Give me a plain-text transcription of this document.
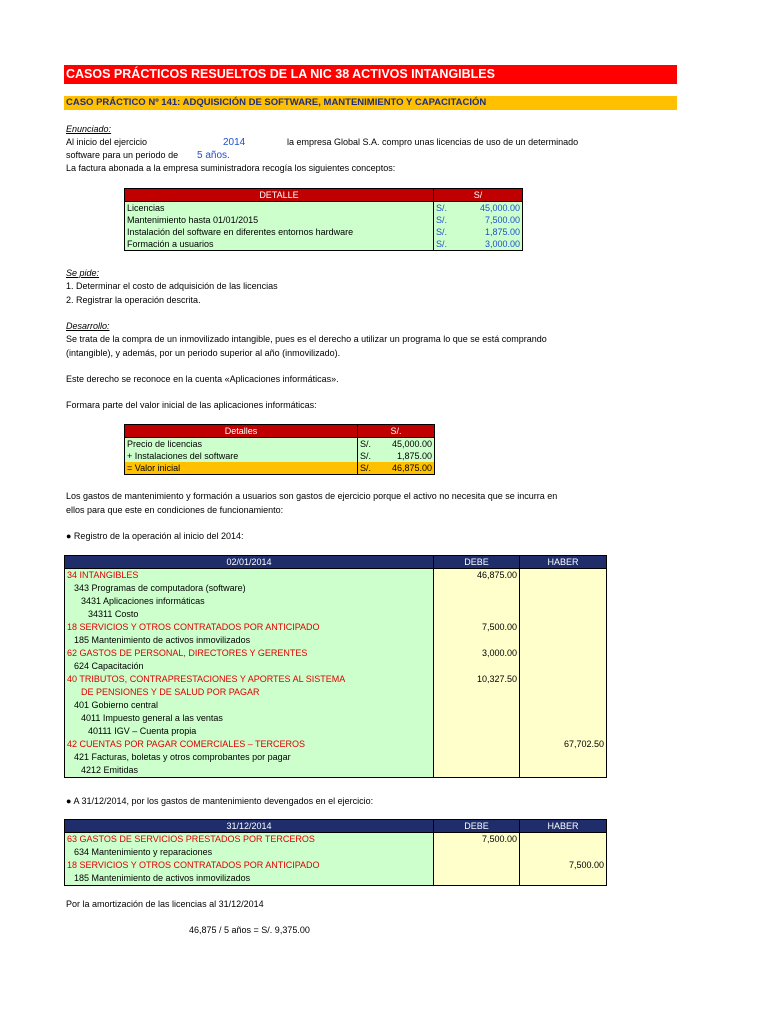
CASOS PRÁCTICOS RESUELTOS DE LA NIC 38 ACTIVOS INTANGIBLES
CASO PRÁCTICO Nº 141: ADQUISICIÓN DE SOFTWARE, MANTENIMIENTO Y CAPACITACIÓN
Enunciado:
Al inicio del ejercicio	2014	la empresa Global S.A. compro unas licencias de uso de un determinado
software para un periodo de 5 años.
La factura abonada a la empresa suministradora recogía los siguientes conceptos:
DETALLE	S/	
Licencias	S/.	45,000.00
Mantenimiento hasta 01/01/2015	S/.	7,500.00
Instalación del software en diferentes entornos hardware	S/.	1,875.00
Formación a usuarios	S/.	3,000.00
Se pide:
1. Determinar el costo de adquisición de las licencias
2. Registrar la operación descrita.
Desarrollo:
Se trata de la compra de un inmovilizado intangible, pues es el derecho a utilizar un programa lo que se está comprando
(intangible), y además, por un periodo superior al año (inmovilizado).
Este derecho se reconoce en la cuenta «Aplicaciones informáticas».
Formara parte del valor inicial de las aplicaciones informáticas:
Detalles	S/.	
Precio de licencias	S/.	45,000.00
+ Instalaciones del software	S/.	1,875.00
= Valor inicial	S/.	46,875.00
Los gastos de mantenimiento y formación a usuarios son gastos de ejercicio porque el activo no necesita que se incurra en
ellos para que este en condiciones de funcionamiento:
● Registro de la operación al inicio del 2014:
02/01/2014	DEBE	HABER
34 INTANGIBLES	46,875.00	
343 Programas de computadora (software)		
3431 Aplicaciones informáticas		
34311 Costo		
18 SERVICIOS Y OTROS CONTRATADOS POR ANTICIPADO	7,500.00	
185 Mantenimiento de activos inmovilizados		
62 GASTOS DE PERSONAL, DIRECTORES Y GERENTES	3,000.00	
624 Capacitación		
40 TRIBUTOS, CONTRAPRESTACIONES Y APORTES AL SISTEMA	10,327.50	
DE PENSIONES Y DE SALUD POR PAGAR		
401 Gobierno central		
4011 Impuesto general a las ventas		
40111 IGV – Cuenta propia		
42 CUENTAS POR PAGAR COMERCIALES – TERCEROS		67,702.50
421 Facturas, boletas y otros comprobantes por pagar		
4212 Emitidas		
● A 31/12/2014, por los gastos de mantenimiento devengados en el ejercicio:
31/12/2014	DEBE	HABER
63 GASTOS DE SERVICIOS PRESTADOS POR TERCEROS	7,500.00	
634 Mantenimiento y reparaciones		
18 SERVICIOS Y OTROS CONTRATADOS POR ANTICIPADO		7,500.00
185 Mantenimiento de activos inmovilizados		
Por la amortización de las licencias al 31/12/2014
46,875 / 5 años = S/. 9,375.00
